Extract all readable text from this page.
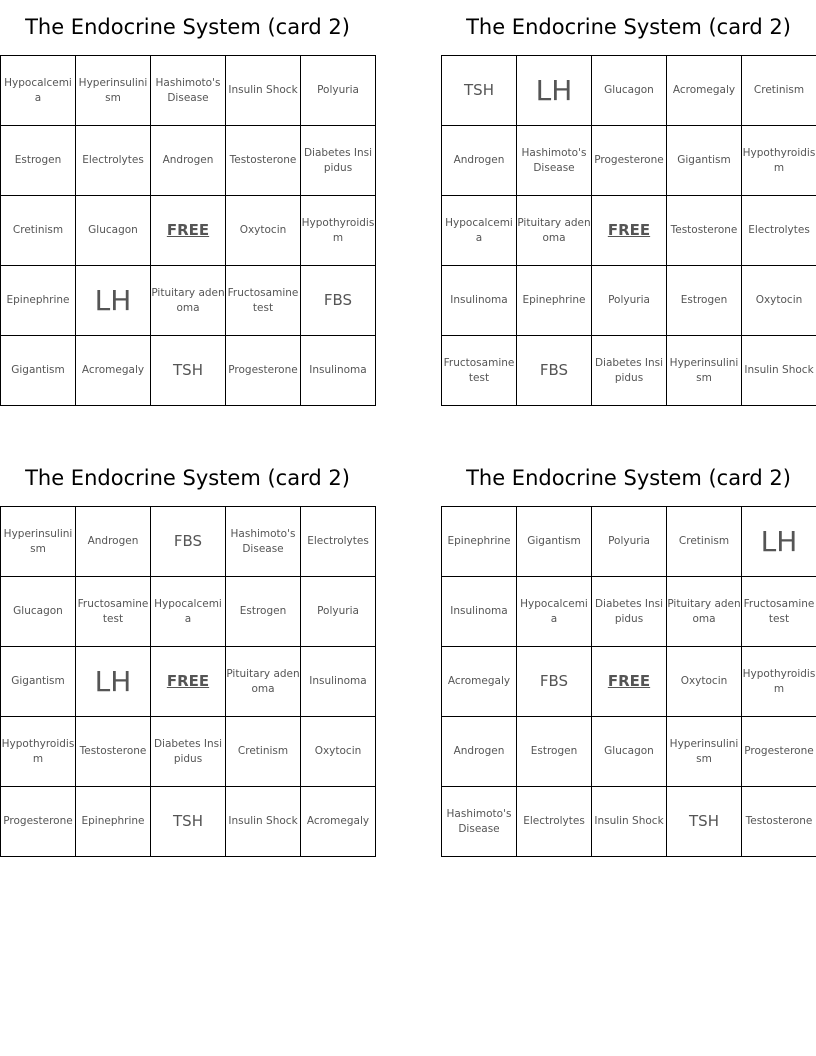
The Endocrine System (card 2)
Hypocalcemia	Hyperinsulinism	Hashimoto's Disease	Insulin Shock	Polyuria
Estrogen	Electrolytes	Androgen	Testosterone	Diabetes Insipidus
Cretinism	Glucagon	FREE	Oxytocin	Hypothyroidism
Epinephrine	LH	Pituitary adenoma	Fructosamine test	FBS
Gigantism	Acromegaly	TSH	Progesterone	Insulinoma
The Endocrine System (card 2)
TSH	LH	Glucagon	Acromegaly	Cretinism
Androgen	Hashimoto's Disease	Progesterone	Gigantism	Hypothyroidism
Hypocalcemia	Pituitary adenoma	FREE	Testosterone	Electrolytes
Insulinoma	Epinephrine	Polyuria	Estrogen	Oxytocin
Fructosamine test	FBS	Diabetes Insipidus	Hyperinsulinism	Insulin Shock
The Endocrine System (card 2)
Hyperinsulinism	Androgen	FBS	Hashimoto's Disease	Electrolytes
Glucagon	Fructosamine test	Hypocalcemia	Estrogen	Polyuria
Gigantism	LH	FREE	Pituitary adenoma	Insulinoma
Hypothyroidism	Testosterone	Diabetes Insipidus	Cretinism	Oxytocin
Progesterone	Epinephrine	TSH	Insulin Shock	Acromegaly
The Endocrine System (card 2)
Epinephrine	Gigantism	Polyuria	Cretinism	LH
Insulinoma	Hypocalcemia	Diabetes Insipidus	Pituitary adenoma	Fructosamine test
Acromegaly	FBS	FREE	Oxytocin	Hypothyroidism
Androgen	Estrogen	Glucagon	Hyperinsulinism	Progesterone
Hashimoto's Disease	Electrolytes	Insulin Shock	TSH	Testosterone
